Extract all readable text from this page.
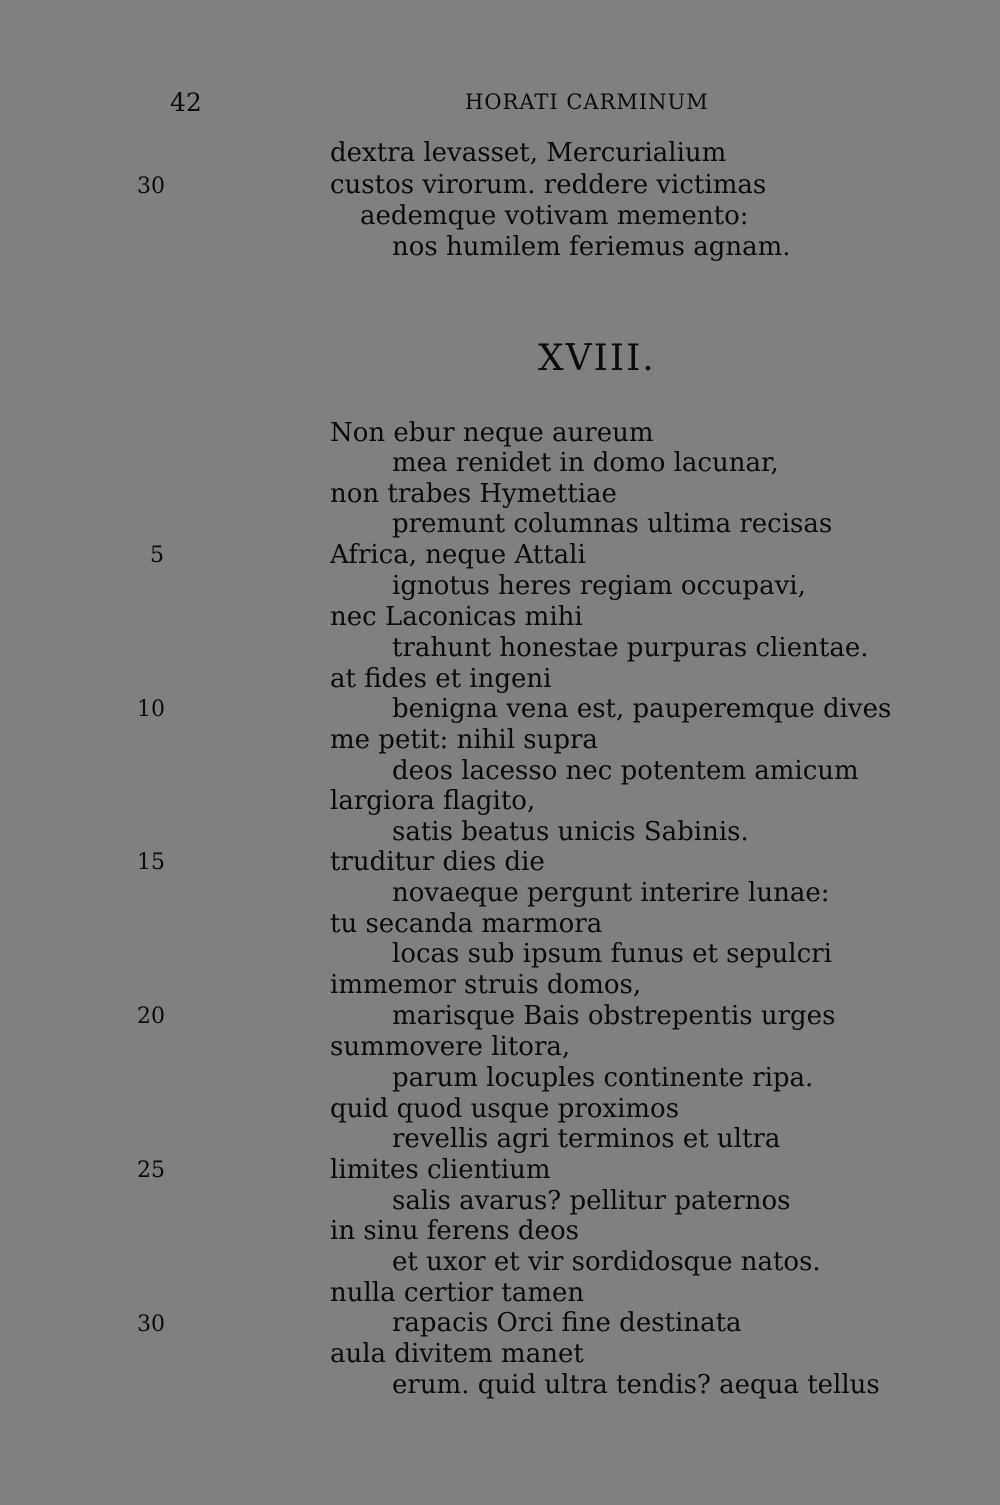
42	HORATI CARMINUM
dextra levasset, Mercurialium
custos virorum. reddere victimas
aedemque votivam memento:
nos humilem feriemus agnam.
30
XVIII.
Non ebur neque aureum
mea renidet in domo lacunar,
non trabes Hymettiae
premunt columnas ultima recisas
Africa, neque Attali
ignotus heres regiam occupavi,
nec Laconicas mihi
trahunt honestae purpuras clientae.
at fides et ingeni
benigna vena est, pauperemque dives
me petit: nihil supra
deos lacesso nec potentem amicum
largiora flagito,
satis beatus unicis Sabinis.
truditur dies die
novaeque pergunt interire lunae:
tu secanda marmora
locas sub ipsum funus et sepulcri
immemor struis domos,
marisque Bais obstrepentis urges
summovere litora,
parum locuples continente ripa.
quid quod usque proximos
revellis agri terminos et ultra
limites clientium
salis avarus? pellitur paternos
in sinu ferens deos
et uxor et vir sordidosque natos.
nulla certior tamen
rapacis Orci fine destinata
aula divitem manet
erum. quid ultra tendis? aequa tellus
5
10
15
20
25
30
